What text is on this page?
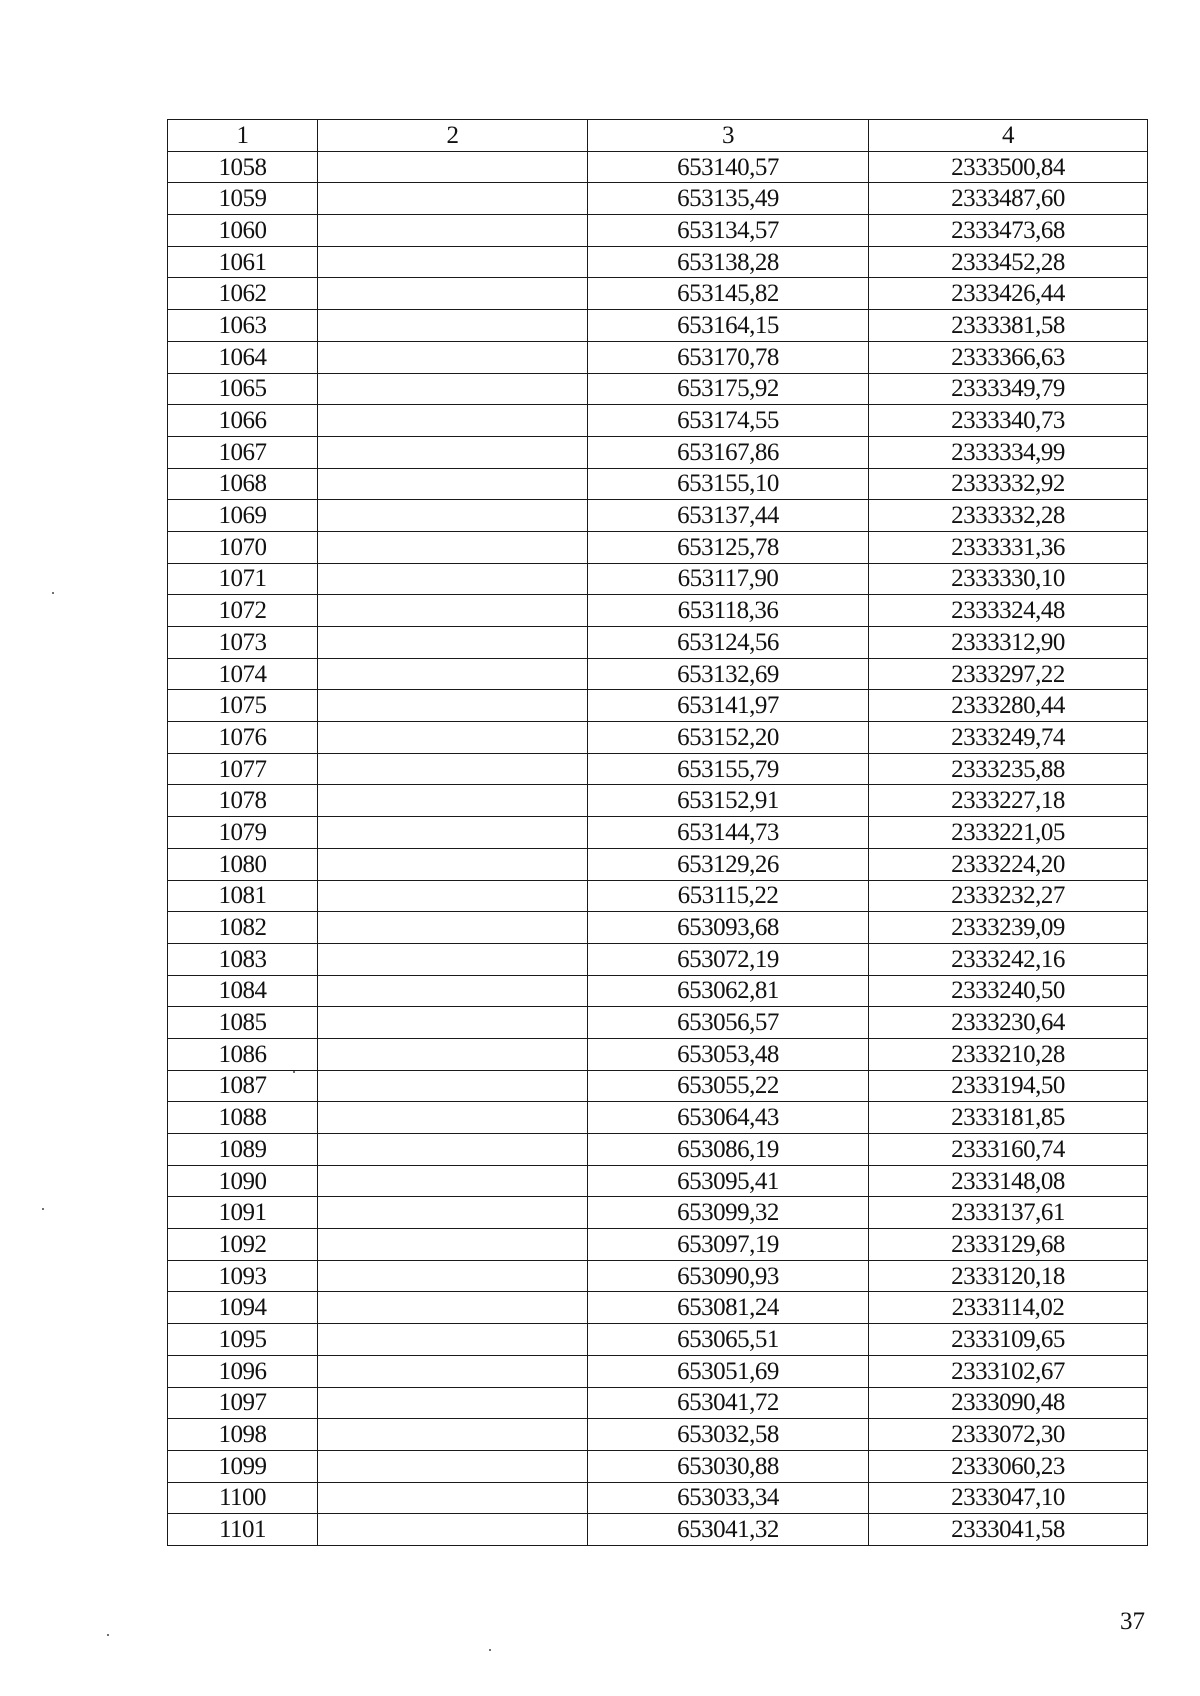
1	2	3	4
1058		653140,57	2333500,84
1059		653135,49	2333487,60
1060		653134,57	2333473,68
1061		653138,28	2333452,28
1062		653145,82	2333426,44
1063		653164,15	2333381,58
1064		653170,78	2333366,63
1065		653175,92	2333349,79
1066		653174,55	2333340,73
1067		653167,86	2333334,99
1068		653155,10	2333332,92
1069		653137,44	2333332,28
1070		653125,78	2333331,36
1071		653117,90	2333330,10
1072		653118,36	2333324,48
1073		653124,56	2333312,90
1074		653132,69	2333297,22
1075		653141,97	2333280,44
1076		653152,20	2333249,74
1077		653155,79	2333235,88
1078		653152,91	2333227,18
1079		653144,73	2333221,05
1080		653129,26	2333224,20
1081		653115,22	2333232,27
1082		653093,68	2333239,09
1083		653072,19	2333242,16
1084		653062,81	2333240,50
1085		653056,57	2333230,64
1086		653053,48	2333210,28
1087		653055,22	2333194,50
1088		653064,43	2333181,85
1089		653086,19	2333160,74
1090		653095,41	2333148,08
1091		653099,32	2333137,61
1092		653097,19	2333129,68
1093		653090,93	2333120,18
1094		653081,24	2333114,02
1095		653065,51	2333109,65
1096		653051,69	2333102,67
1097		653041,72	2333090,48
1098		653032,58	2333072,30
1099		653030,88	2333060,23
1100		653033,34	2333047,10
1101		653041,32	2333041,58
37
